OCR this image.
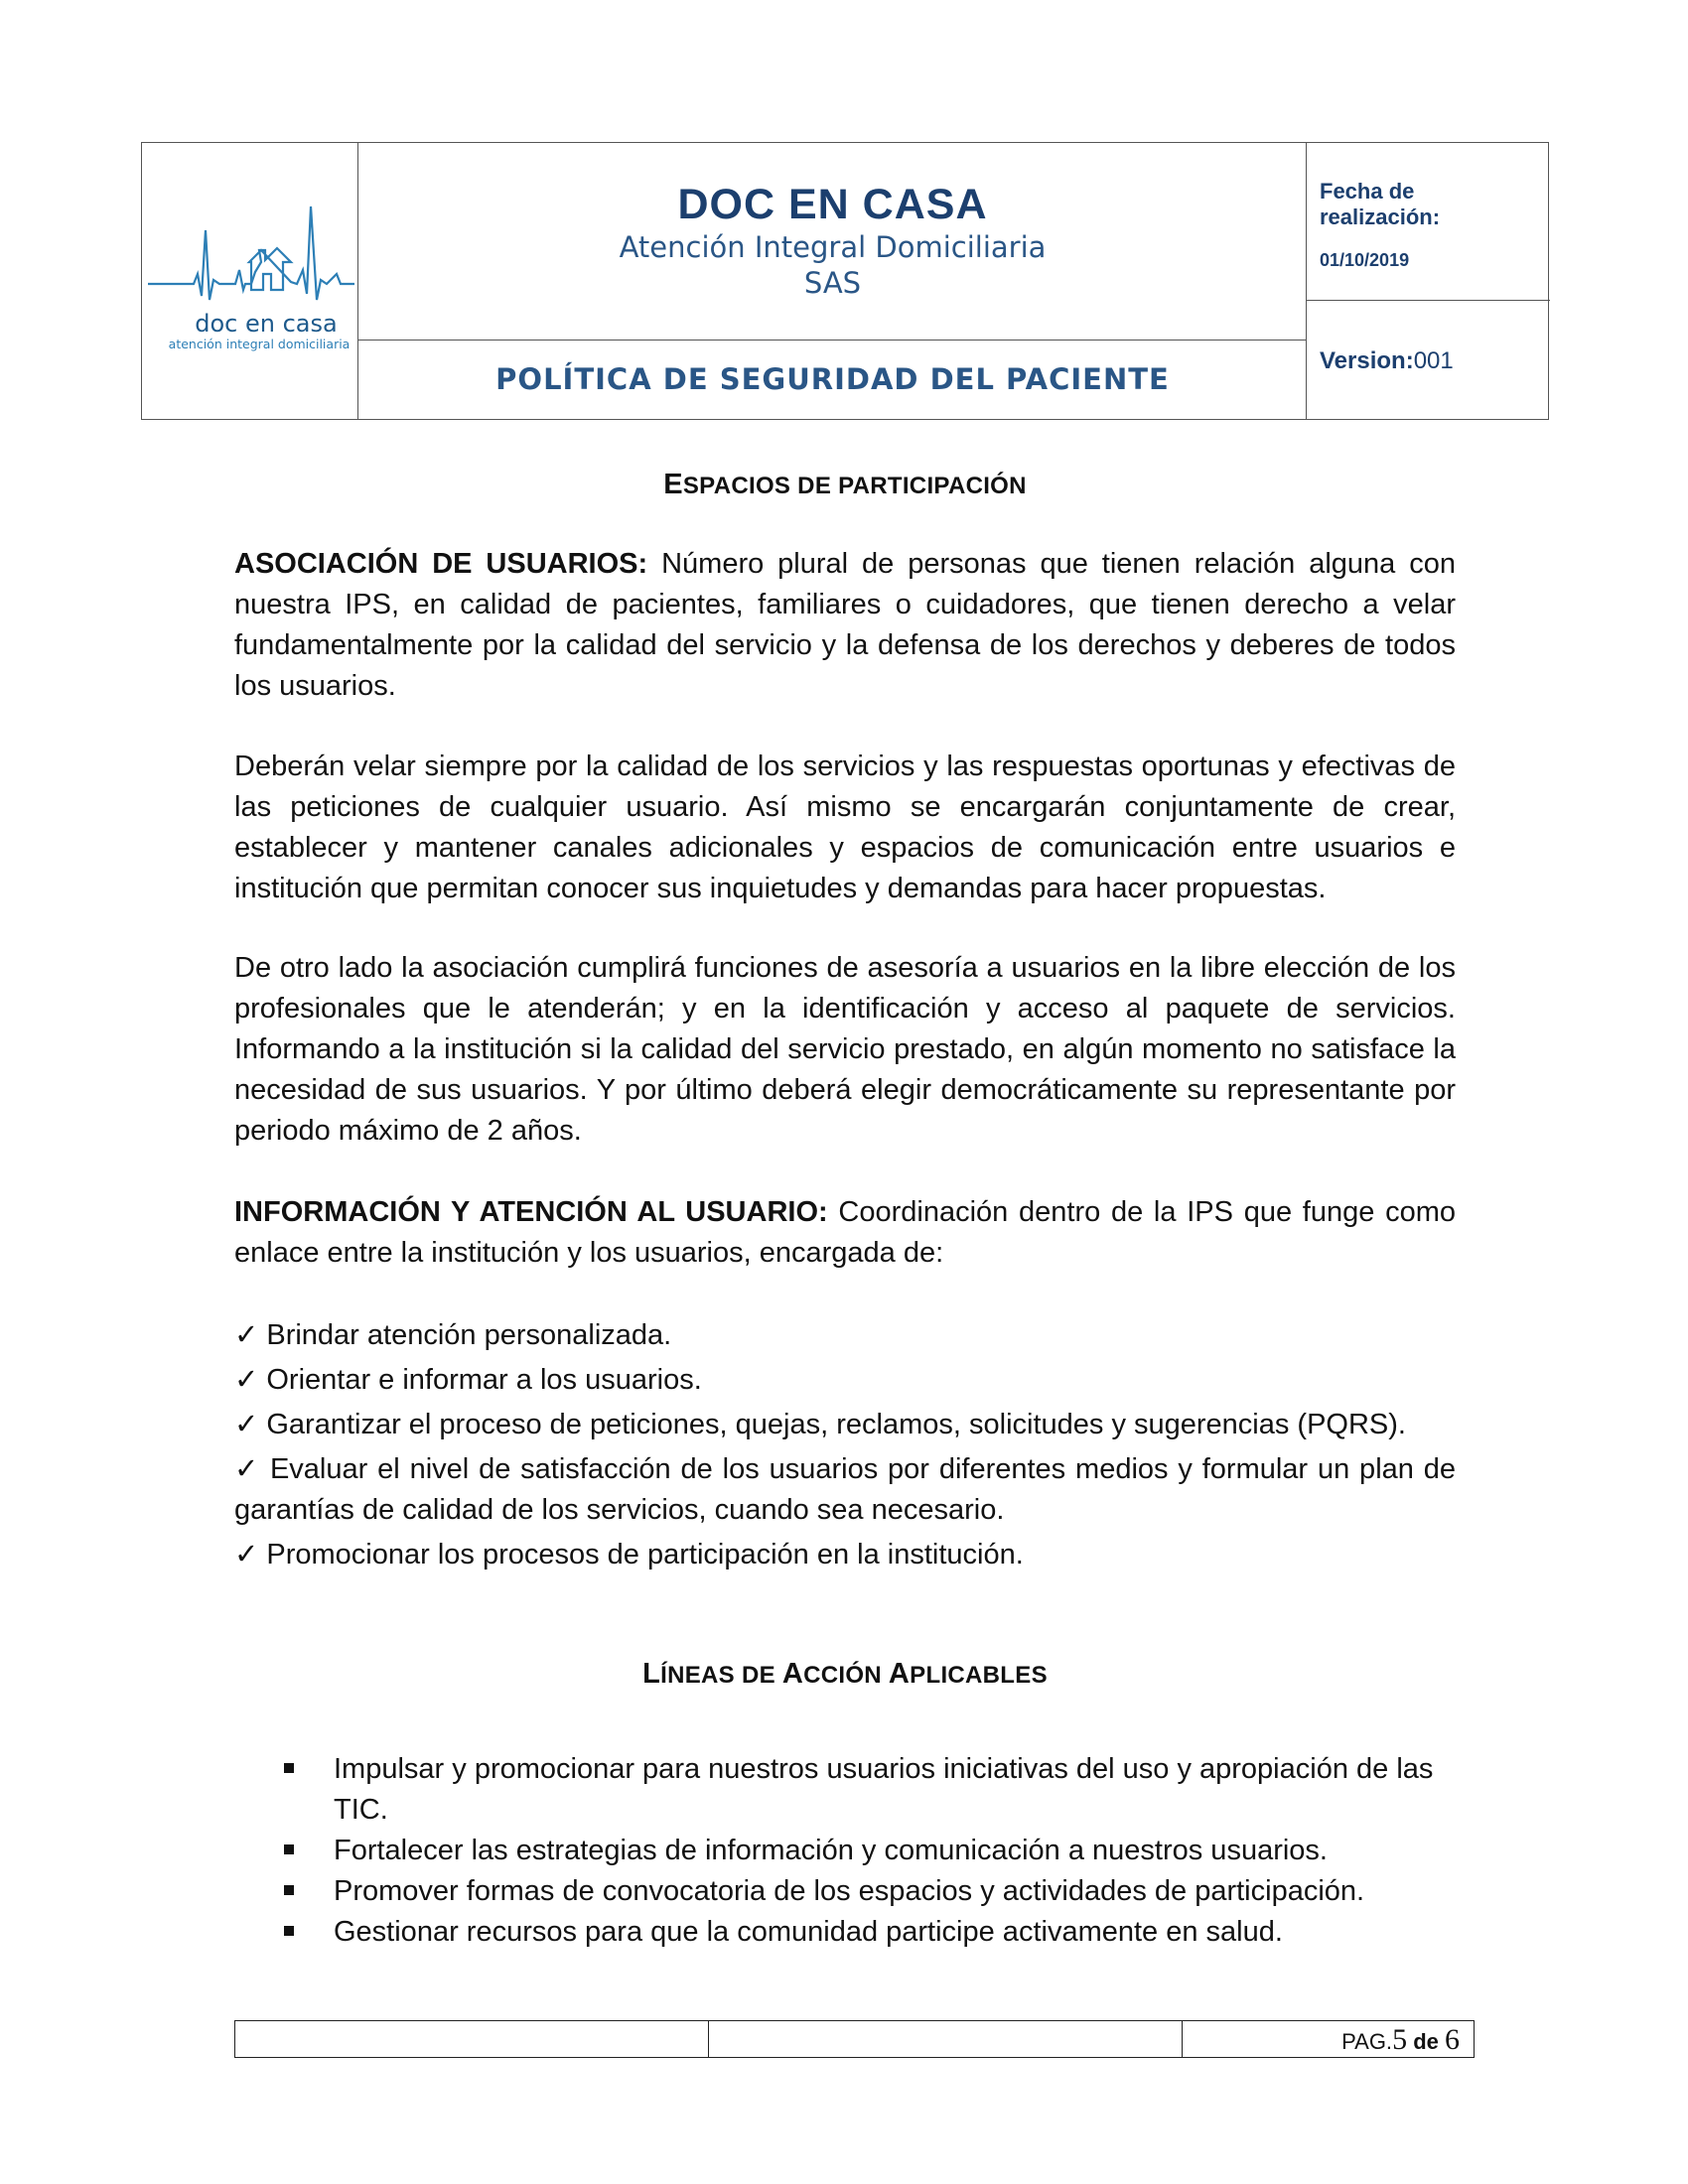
doc en casa
atención integral domiciliaria
DOC EN CASA
Atención Integral Domiciliaria
SAS
POLÍTICA DE SEGURIDAD DEL PACIENTE
Fecha de realización:
01/10/2019
Version:001
ESPACIOS DE PARTICIPACIÓN
ASOCIACIÓN DE USUARIOS: Número plural de personas que tienen relación alguna con nuestra IPS, en calidad de pacientes, familiares o cuidadores, que tienen derecho a velar fundamentalmente por la calidad del servicio y la defensa de los derechos y deberes de todos los usuarios.
Deberán velar siempre por la calidad de los servicios y las respuestas oportunas y efectivas de las peticiones de cualquier usuario. Así mismo se encargarán conjuntamente de crear, establecer y mantener canales adicionales y espacios de comunicación entre usuarios e institución que permitan conocer sus inquietudes y demandas para hacer propuestas.
De otro lado la asociación cumplirá funciones de asesoría a usuarios en la libre elección de los profesionales que le atenderán; y en la identificación y acceso al paquete de servicios. Informando a la institución si la calidad del servicio prestado, en algún momento no satisface la necesidad de sus usuarios. Y por último deberá elegir democráticamente su representante por periodo máximo de 2 años.
INFORMACIÓN Y ATENCIÓN AL USUARIO: Coordinación dentro de la IPS que funge como enlace entre la institución y los usuarios, encargada de:
✓ Brindar atención personalizada.
✓ Orientar e informar a los usuarios.
✓ Garantizar el proceso de peticiones, quejas, reclamos, solicitudes y sugerencias (PQRS).
✓ Evaluar el nivel de satisfacción de los usuarios por diferentes medios y formular un plan de garantías de calidad de los servicios, cuando sea necesario.
✓ Promocionar los procesos de participación en la institución.
LÍNEAS DE ACCIÓN APLICABLES
Impulsar y promocionar para nuestros usuarios iniciativas del uso y apropiación de las TIC.
Fortalecer las estrategias de información y comunicación a nuestros usuarios.
Promover formas de convocatoria de los espacios y actividades de participación.
Gestionar recursos para que la comunidad participe activamente en salud.
PAG.5 de 6
